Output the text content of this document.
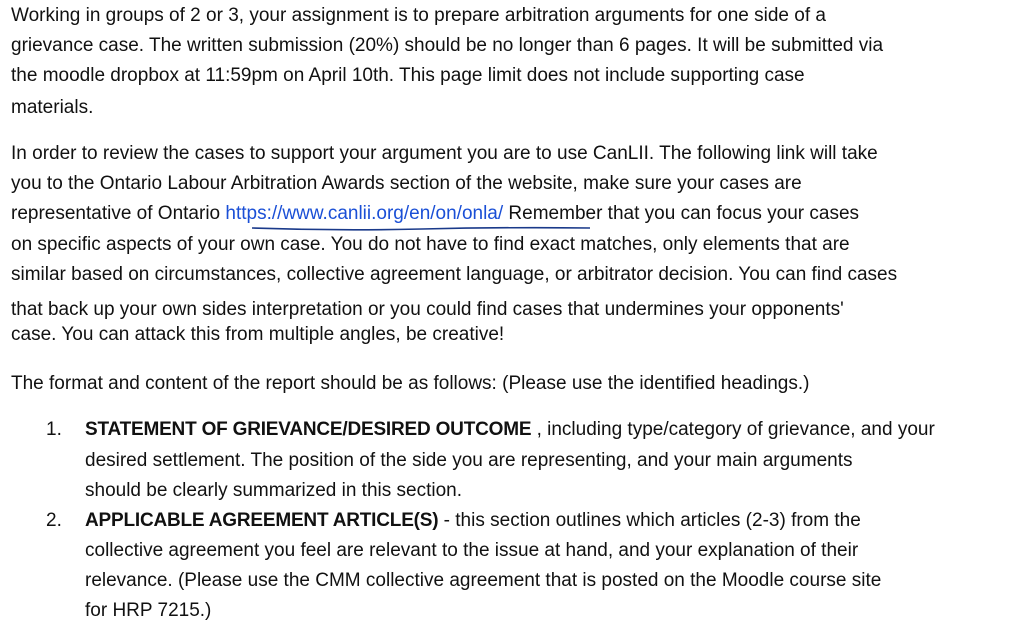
Working in groups of 2 or 3, your assignment is to prepare arbitration arguments for one side of a
grievance case. The written submission (20%) should be no longer than 6 pages. It will be submitted via
the moodle dropbox at 11:59pm on April 10th. This page limit does not include supporting case
materials.
In order to review the cases to support your argument you are to use CanLII. The following link will take
you to the Ontario Labour Arbitration Awards section of the website, make sure your cases are
representative of Ontario https://www.canlii.org/en/on/onla/ Remember that you can focus your cases
on specific aspects of your own case. You do not have to find exact matches, only elements that are
similar based on circumstances, collective agreement language, or arbitrator decision. You can find cases
that back up your own sides interpretation or you could find cases that undermines your opponents'
case. You can attack this from multiple angles, be creative!
The format and content of the report should be as follows: (Please use the identified headings.)
1. STATEMENT OF GRIEVANCE/DESIRED OUTCOME , including type/category of grievance, and your
desired settlement. The position of the side you are representing, and your main arguments
should be clearly summarized in this section.
2. APPLICABLE AGREEMENT ARTICLE(S) - this section outlines which articles (2-3) from the
collective agreement you feel are relevant to the issue at hand, and your explanation of their
relevance. (Please use the CMM collective agreement that is posted on the Moodle course site
for HRP 7215.)
